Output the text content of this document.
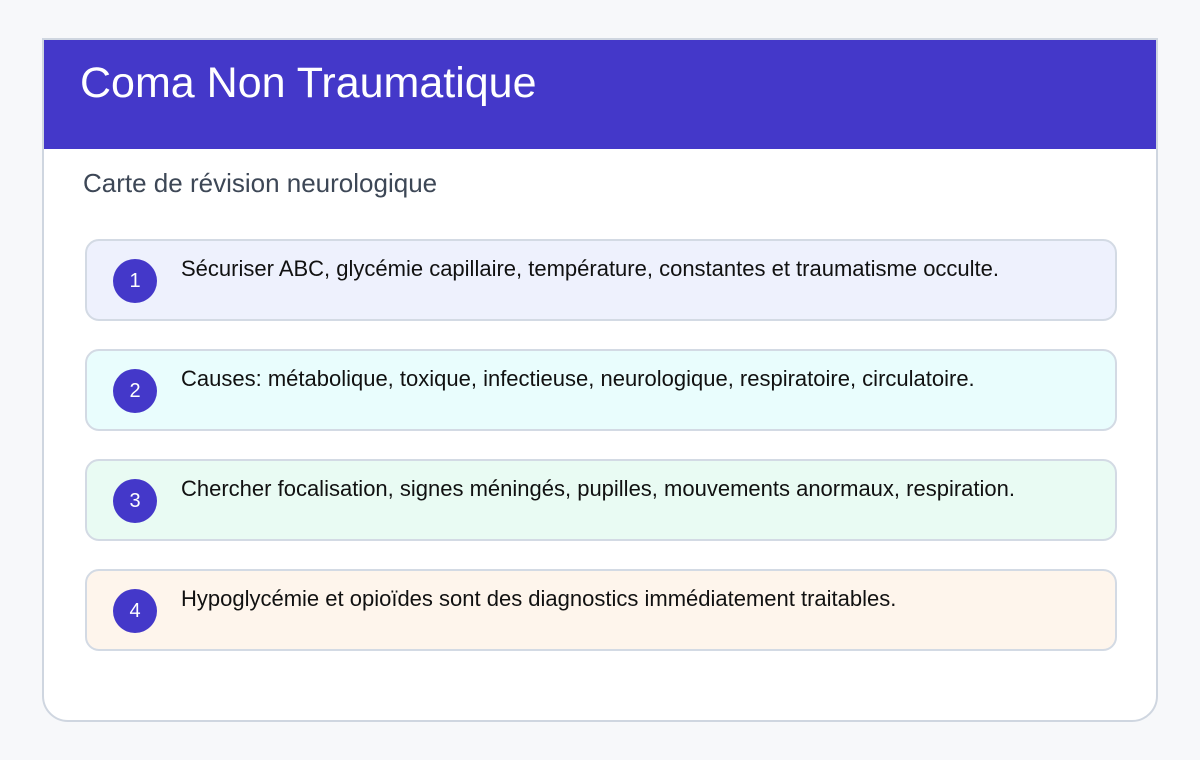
Coma Non Traumatique
Carte de révision neurologique
1	Sécuriser ABC, glycémie capillaire, température, constantes et traumatisme occulte.
2	Causes: métabolique, toxique, infectieuse, neurologique, respiratoire, circulatoire.
3	Chercher focalisation, signes méningés, pupilles, mouvements anormaux, respiration.
4	Hypoglycémie et opioïdes sont des diagnostics immédiatement traitables.
